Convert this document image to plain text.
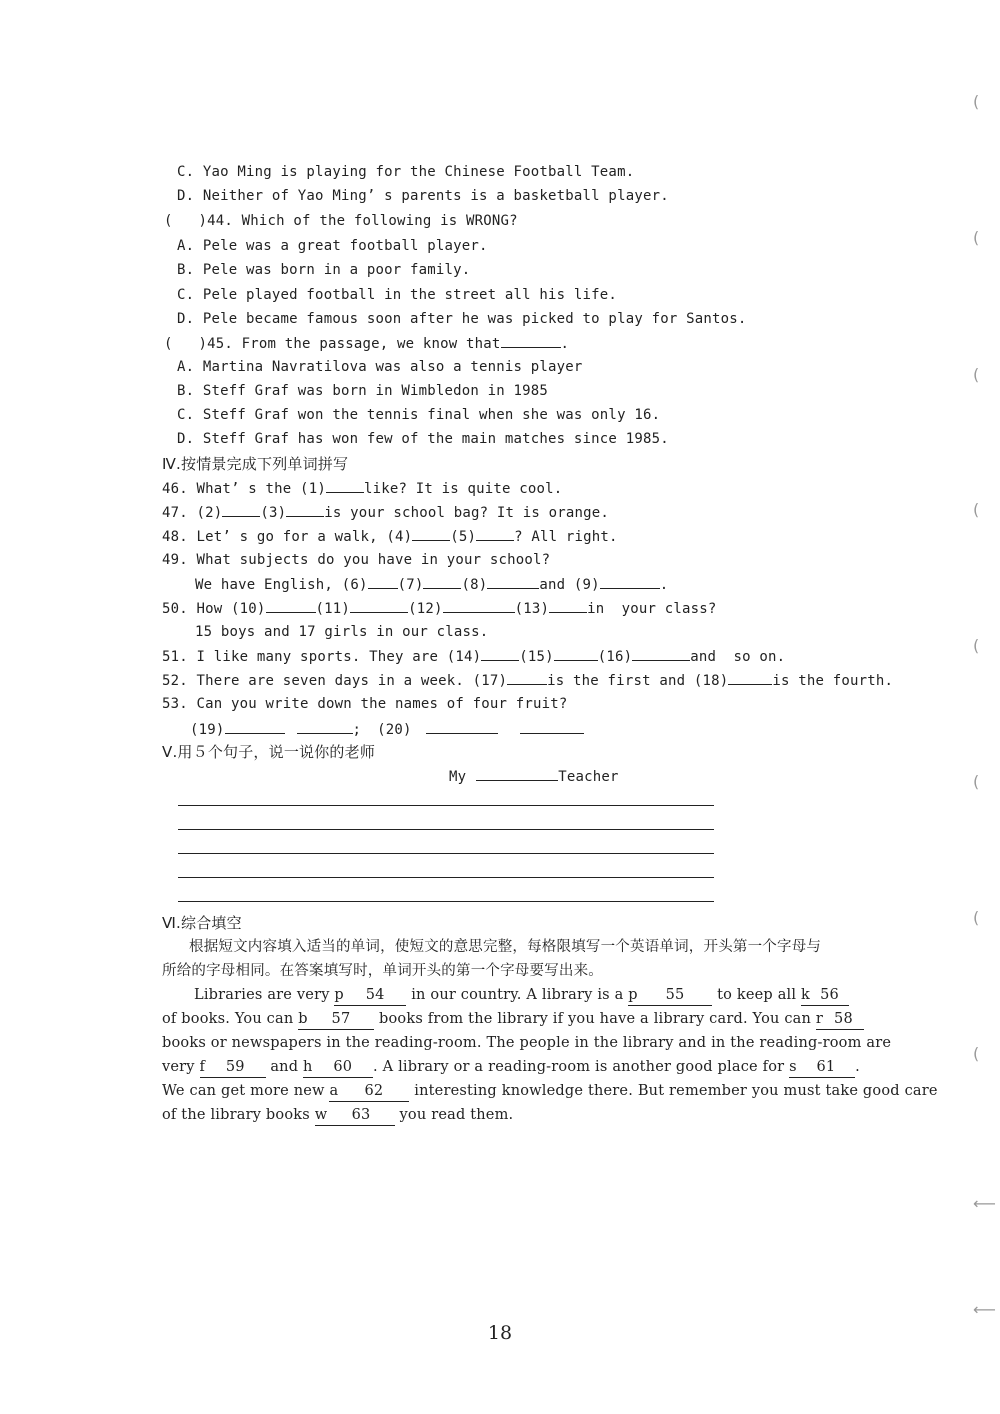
(
(
(
(
(
(
(
(
⟵
⟵
C. Yao Ming is playing for the Chinese Football Team.
D. Neither of Yao Ming’ s parents is a basketball player.
(   )44. Which of the following is WRONG?
A. Pele was a great football player.
B. Pele was born in a poor family.
C. Pele played football in the street all his life.
D. Pele became famous soon after he was picked to play for Santos.
(   )45. From the passage, we know that	.
A. Martina Navratilova was also a tennis player
B. Steff Graf was born in Wimbledon in 1985
C. Steff Graf won the tennis final when she was only 16.
D. Steff Graf has won few of the main matches since 1985.
Ⅳ.按情景完成下列单词拼写
46. What’ s the (1)	like? It is quite cool.
47. (2)	(3)	is your school bag? It is orange.
48. Let’ s go for a walk, (4)	(5)	? All right.
49. What subjects do you have in your school?
We have English, (6) (7)	(8)	and (9)	.
50. How (10)	(11)	(12)	(13)	in  your class?
15 boys and 17 girls in our class.
51. I like many sports. They are (14)	(15)	(16)	and  so on.
52. There are seven days in a week. (17)	is the first and (18)	is the fourth.
53. Can you write down the names of four fruit?
(19)	; (20)
Ⅴ.用５个句子，说一说你的老师
My	Teacher
Ⅵ.综合填空
根据短文内容填入适当的单词，使短文的意思完整，每格限填写一个英语单词，开头第一个字母与
所给的字母相同。在答案填写时，单词开头的第一个字母要写出来。
Libraries are very p 54 in our country. A library is a p 55 to keep all k 56
of books. You can b 57 books from the library if you have a library card. You can r 58
books or newspapers in the reading-room. The people in the library and in the reading-room are
very f 59 and h 60 . A library or a reading-room is another good place for s 61 .
We can get more new a 62 interesting knowledge there. But remember you must take good care
of the library books w 63 you read them.
18
